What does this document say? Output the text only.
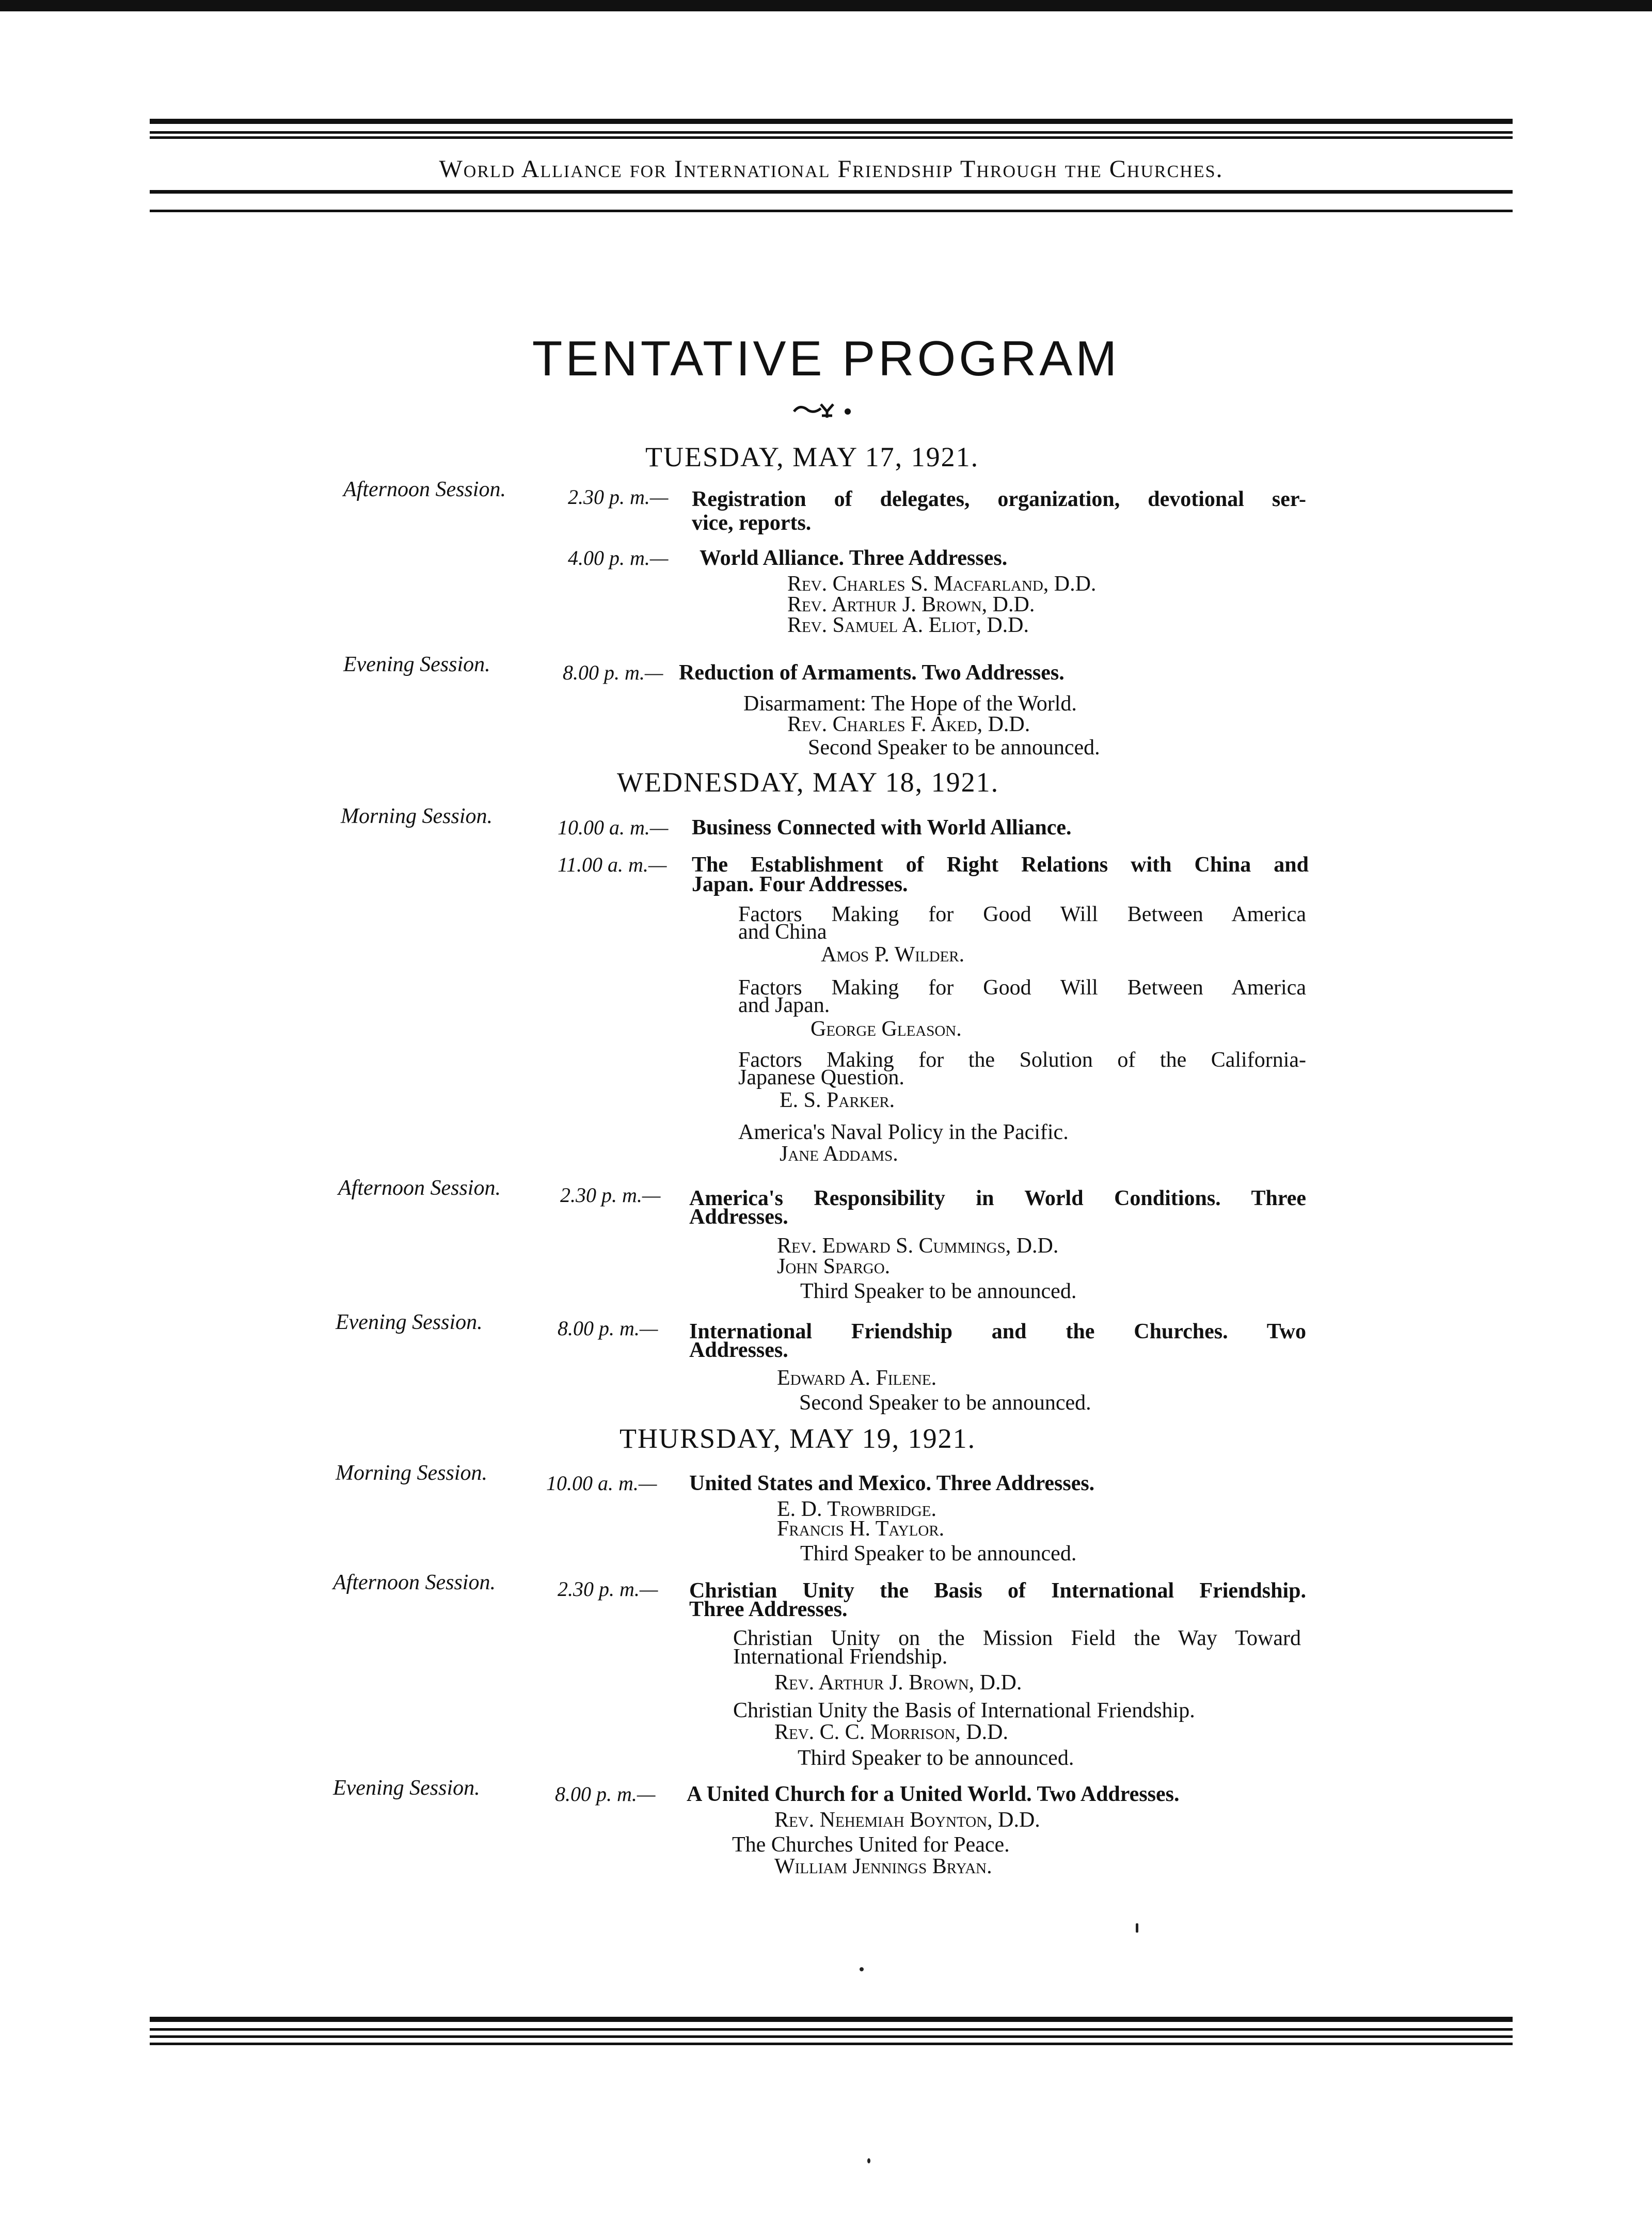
World Alliance for International Friendship Through the Churches.
TENTATIVE PROGRAM
TUESDAY, MAY 17, 1921.
Afternoon Session.	2.30 p. m.— Registration of delegates, organization, devotional ser-
vice, reports.
4.00 p. m.— World Alliance. Three Addresses.
Rev. Charles S. Macfarland, D.D.
Rev. Arthur J. Brown, D.D.
Rev. Samuel A. Eliot, D.D.
Evening Session.	8.00 p. m.— Reduction of Armaments. Two Addresses.
Disarmament: The Hope of the World.
Rev. Charles F. Aked, D.D.
Second Speaker to be announced.
WEDNESDAY, MAY 18, 1921.
Morning Session.	10.00 a. m.— Business Connected with World Alliance.
11.00 a. m.— The Establishment of Right Relations with China and
Japan. Four Addresses.
Factors Making for Good Will Between America
and China
Amos P. Wilder.
Factors Making for Good Will Between America
and Japan.
George Gleason.
Factors Making for the Solution of the California-
Japanese Question.
E. S. Parker.
America's Naval Policy in the Pacific.
Jane Addams.
Afternoon Session.	2.30 p. m.— America's Responsibility in World Conditions. Three
Addresses.
Rev. Edward S. Cummings, D.D.
John Spargo.
Third Speaker to be announced.
Evening Session.	8.00 p. m.— International Friendship and the Churches. Two
Addresses.
Edward A. Filene.
Second Speaker to be announced.
THURSDAY, MAY 19, 1921.
Morning Session.	10.00 a. m.— United States and Mexico. Three Addresses.
E. D. Trowbridge.
Francis H. Taylor.
Third Speaker to be announced.
Afternoon Session.	2.30 p. m.— Christian Unity the Basis of International Friendship.
Three Addresses.
Christian Unity on the Mission Field the Way Toward
International Friendship.
Rev. Arthur J. Brown, D.D.
Christian Unity the Basis of International Friendship.
Rev. C. C. Morrison, D.D.
Third Speaker to be announced.
Evening Session.	8.00 p. m.— A United Church for a United World. Two Addresses.
Rev. Nehemiah Boynton, D.D.
The Churches United for Peace.
William Jennings Bryan.
